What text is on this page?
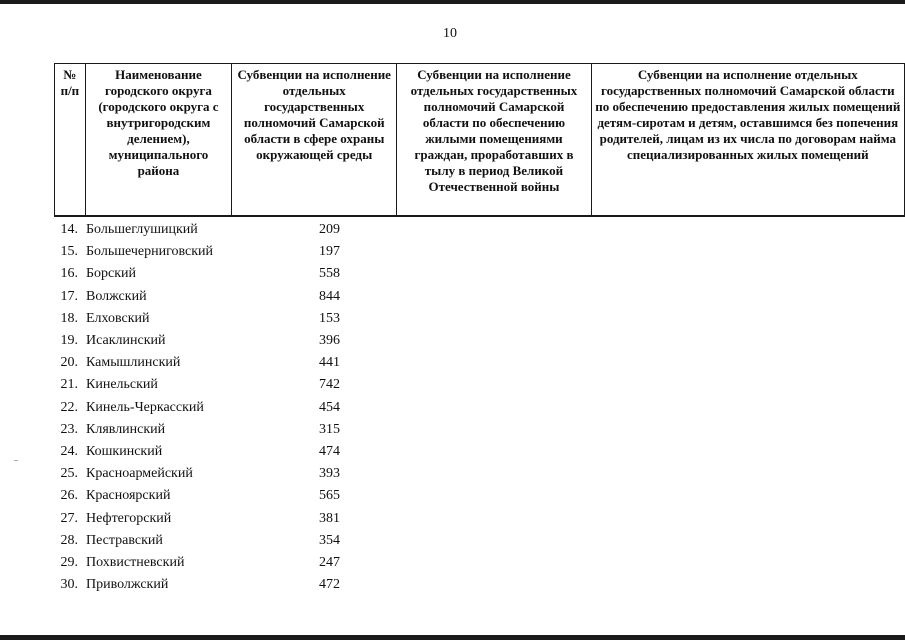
10
№ п/п	Наименование городского округа (городского округа с внутригородским делением), муниципального района	Субвенции на исполнение отдельных государственных полномочий Самарской области в сфере охраны окружающей среды	Субвенции на исполнение отдельных государственных полномочий Самарской области по обеспечению жилыми помещениями граждан, проработавших в тылу в период Великой Отечественной войны	Субвенции на исполнение отдельных государственных полномочий Самарской области по обеспечению предоставления жилых помещений детям-сиротам и детям, оставшимся без попечения родителей, лицам из их числа по договорам найма специализированных жилых помещений
14. Большеглушицкий	209
15. Большечерниговский	197
16. Борский	558
17. Волжский	844
18. Елховский	153
19. Исаклинский	396
20. Камышлинский	441
21. Кинельский	742
22. Кинель-Черкасский	454
23. Клявлинский	315
24. Кошкинский	474
25. Красноармейский	393
26. Красноярский	565
27. Нефтегорский	381
28. Пестравский	354
29. Похвистневский	247
30. Приволжский	472
